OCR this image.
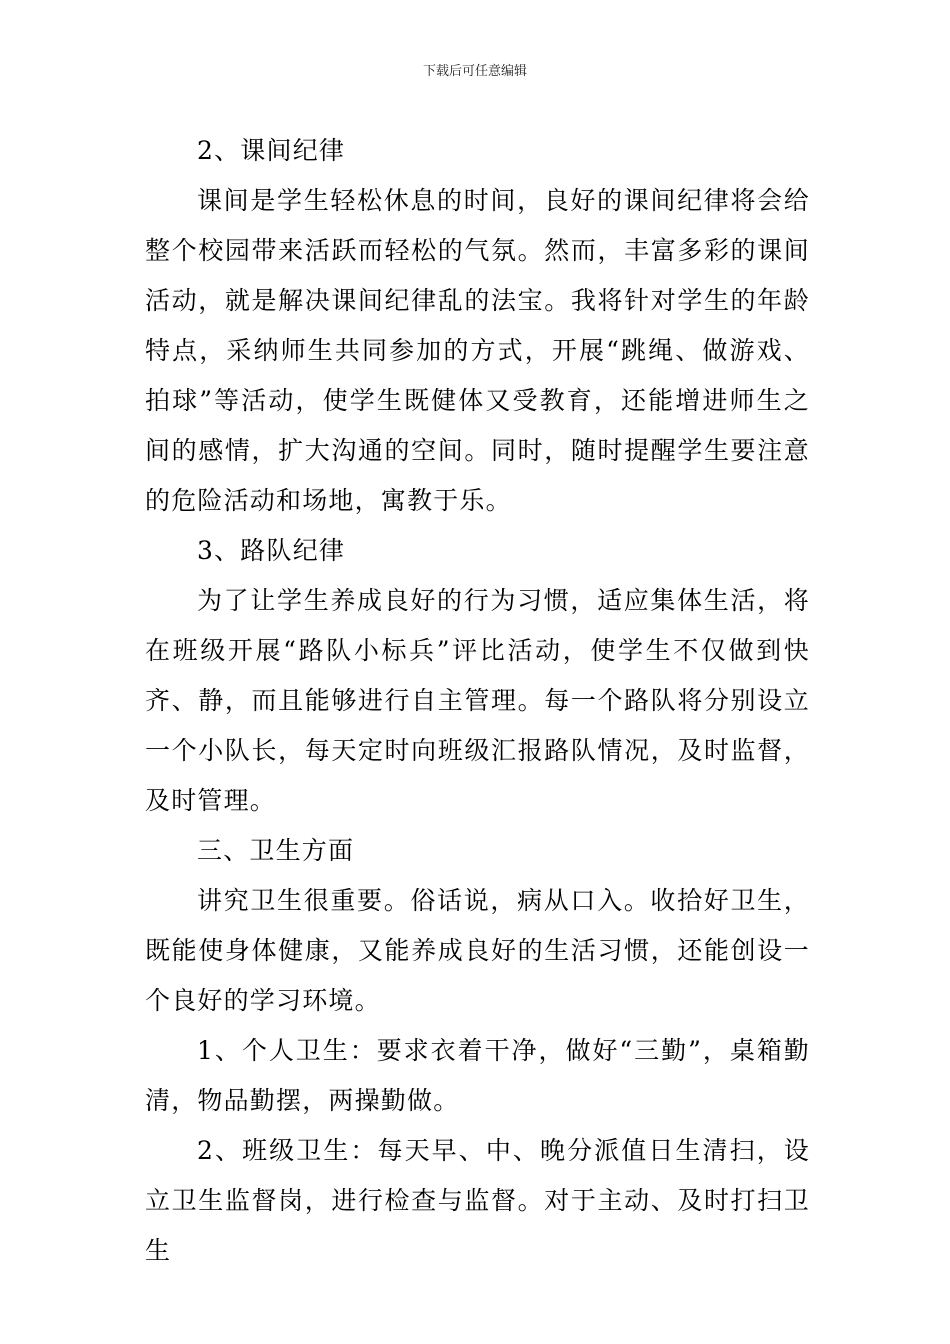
下载后可任意编辑

2、课间纪律

课间是学生轻松休息的时间，良好的课间纪律将会给整个校园带来活跃而轻松的气氛。然而，丰富多彩的课间活动，就是解决课间纪律乱的法宝。我将针对学生的年龄特点，采纳师生共同参加的方式，开展“跳绳、做游戏、拍球”等活动，使学生既健体又受教育，还能增进师生之间的感情，扩大沟通的空间。同时，随时提醒学生要注意的危险活动和场地，寓教于乐。

3、路队纪律

为了让学生养成良好的行为习惯，适应集体生活，将在班级开展“路队小标兵”评比活动，使学生不仅做到快齐、静，而且能够进行自主管理。每一个路队将分别设立一个小队长，每天定时向班级汇报路队情况，及时监督，及时管理。

三、卫生方面

讲究卫生很重要。俗话说，病从口入。收拾好卫生，既能使身体健康，又能养成良好的生活习惯，还能创设一个良好的学习环境。

1、个人卫生：要求衣着干净，做好“三勤”，桌箱勤清，物品勤摆，两操勤做。

2、班级卫生：每天早、中、晚分派值日生清扫，设立卫生监督岗，进行检查与监督。对于主动、及时打扫卫生
